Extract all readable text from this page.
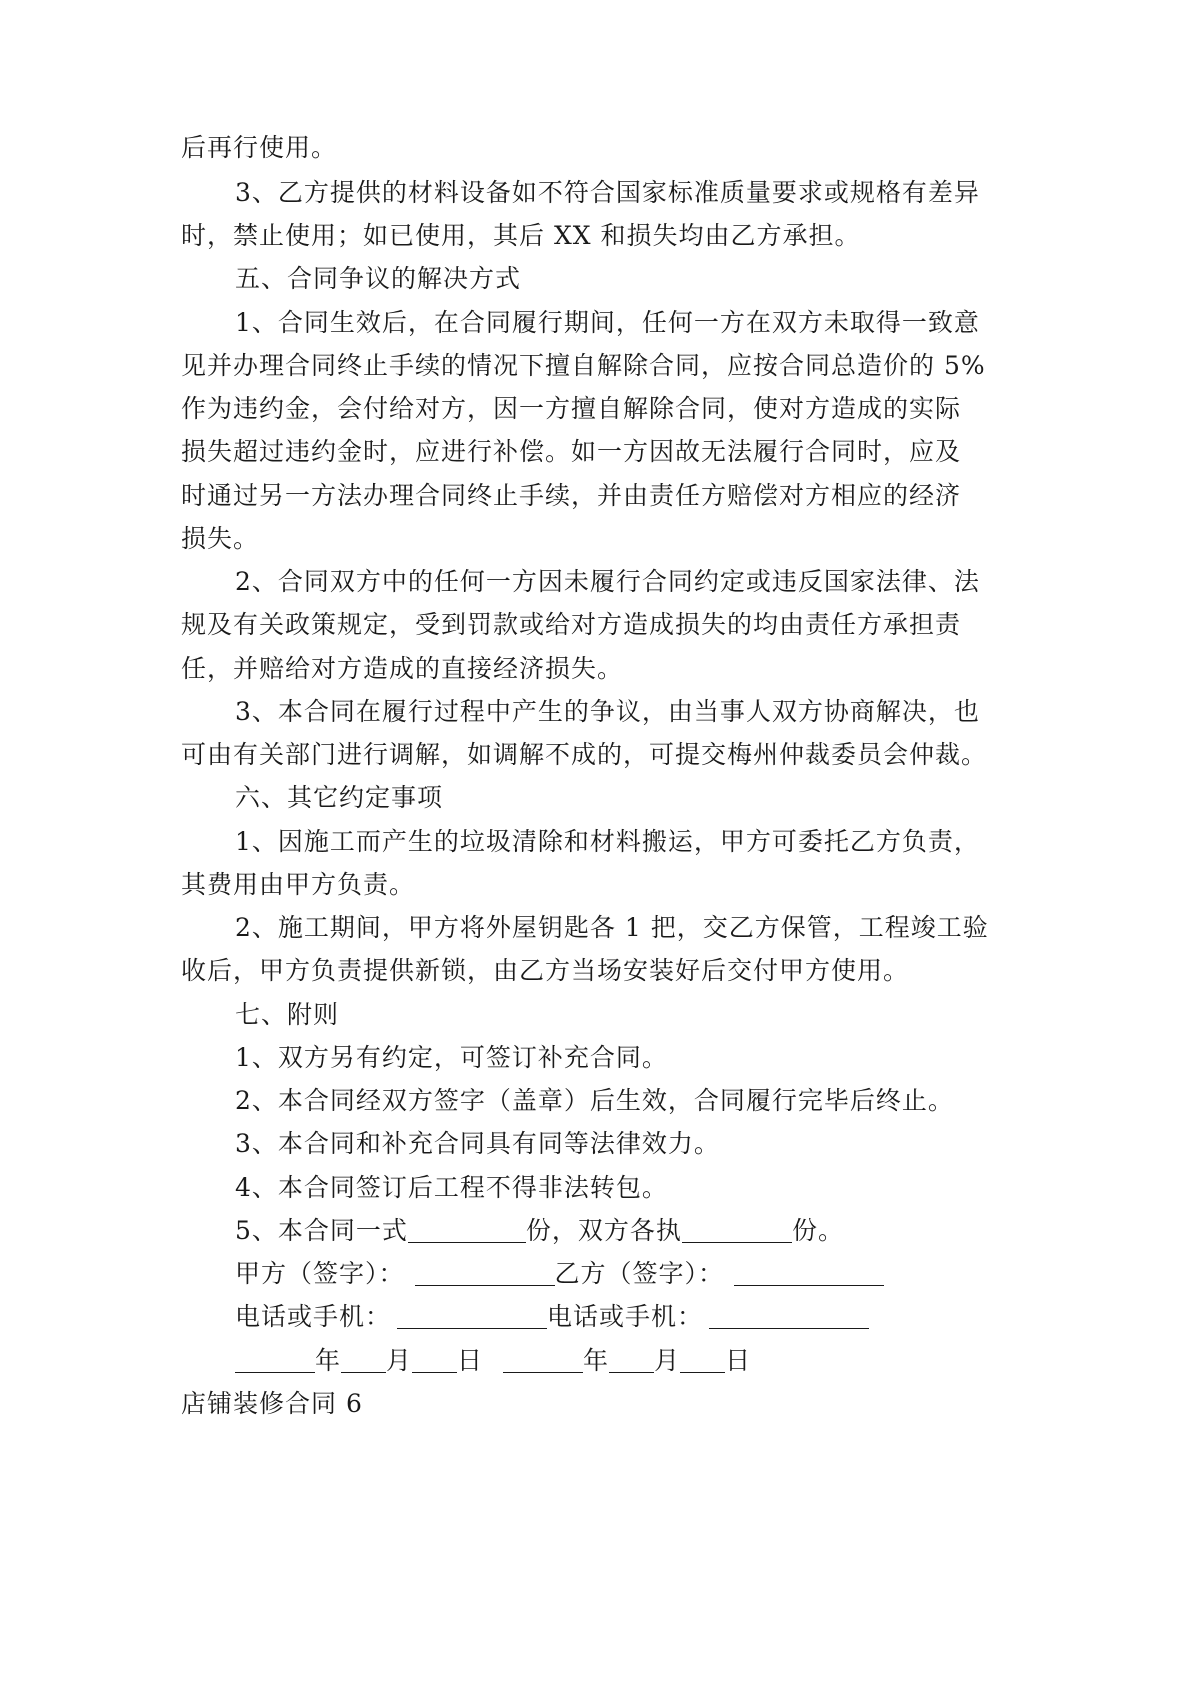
后再行使用。
3、乙方提供的材料设备如不符合国家标准质量要求或规格有差异
时，禁止使用；如已使用，其后 XX 和损失均由乙方承担。
五、合同争议的解决方式
1、合同生效后，在合同履行期间，任何一方在双方未取得一致意
见并办理合同终止手续的情况下擅自解除合同，应按合同总造价的 5%
作为违约金，会付给对方，因一方擅自解除合同，使对方造成的实际
损失超过违约金时，应进行补偿。如一方因故无法履行合同时，应及
时通过另一方法办理合同终止手续，并由责任方赔偿对方相应的经济
损失。
2、合同双方中的任何一方因未履行合同约定或违反国家法律、法
规及有关政策规定，受到罚款或给对方造成损失的均由责任方承担责
任，并赔给对方造成的直接经济损失。
3、本合同在履行过程中产生的争议，由当事人双方协商解决，也
可由有关部门进行调解，如调解不成的，可提交梅州仲裁委员会仲裁。
六、其它约定事项
1、因施工而产生的垃圾清除和材料搬运，甲方可委托乙方负责，
其费用由甲方负责。
2、施工期间，甲方将外屋钥匙各 1 把，交乙方保管，工程竣工验
收后，甲方负责提供新锁，由乙方当场安装好后交付甲方使用。
七、附则
1、双方另有约定，可签订补充合同。
2、本合同经双方签字（盖章）后生效，合同履行完毕后终止。
3、本合同和补充合同具有同等法律效力。
4、本合同签订后工程不得非法转包。
5、本合同一式	份，双方各执	份。
甲方（签字）：	乙方（签字）：
电话或手机：	电话或手机：
年 月 日	年 月 日
店铺装修合同 6
